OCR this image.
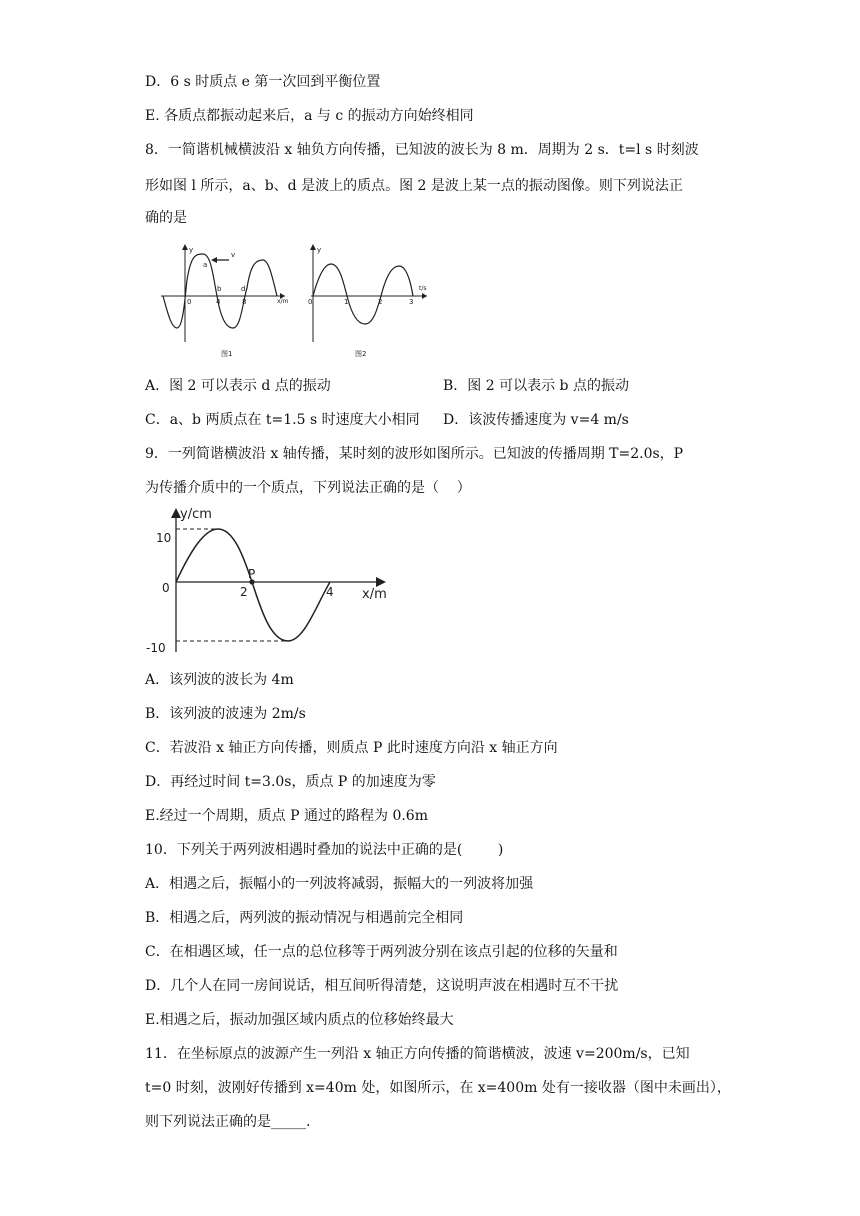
D．6 s 时质点 e 第一次回到平衡位置
E. 各质点都振动起来后，a 与 c 的振动方向始终相同
8．一简谐机械横波沿 x 轴负方向传播，已知波的波长为 8 m．周期为 2 s．t=l s 时刻波
形如图 l 所示，a、b、d 是波上的质点。图 2 是波上某一点的振动图像。则下列说法正
确的是
y
v
a
b	d
0	4	8	x/m
图1
y
0	1	2	3
t/s
图2
A．图 2 可以表示 d 点的振动	B．图 2 可以表示 b 点的振动
C．a、b 两质点在 t=1.5 s 时速度大小相同 D．该波传播速度为 v=4 m/s
9．一列简谐横波沿 x 轴传播，某时刻的波形如图所示。已知波的传播周期 T=2.0s，P
为传播介质中的一个质点，下列说法正确的是（    ）
y/cm
x/m
10
0
-10
2	4
P
A．该列波的波长为 4m
B．该列波的波速为 2m/s
C．若波沿 x 轴正方向传播，则质点 P 此时速度方向沿 x 轴正方向
D．再经过时间 t=3.0s，质点 P 的加速度为零
E.经过一个周期，质点 P 通过的路程为 0.6m
10．下列关于两列波相遇时叠加的说法中正确的是(        )
A．相遇之后，振幅小的一列波将减弱，振幅大的一列波将加强
B．相遇之后，两列波的振动情况与相遇前完全相同
C．在相遇区域，任一点的总位移等于两列波分别在该点引起的位移的矢量和
D．几个人在同一房间说话，相互间听得清楚，这说明声波在相遇时互不干扰
E.相遇之后，振动加强区域内质点的位移始终最大
11．在坐标原点的波源产生一列沿 x 轴正方向传播的简谐横波，波速 v=200m/s，已知
t=0 时刻，波刚好传播到 x=40m 处，如图所示，在 x=400m 处有一接收器（图中未画出），
则下列说法正确的是_____.
